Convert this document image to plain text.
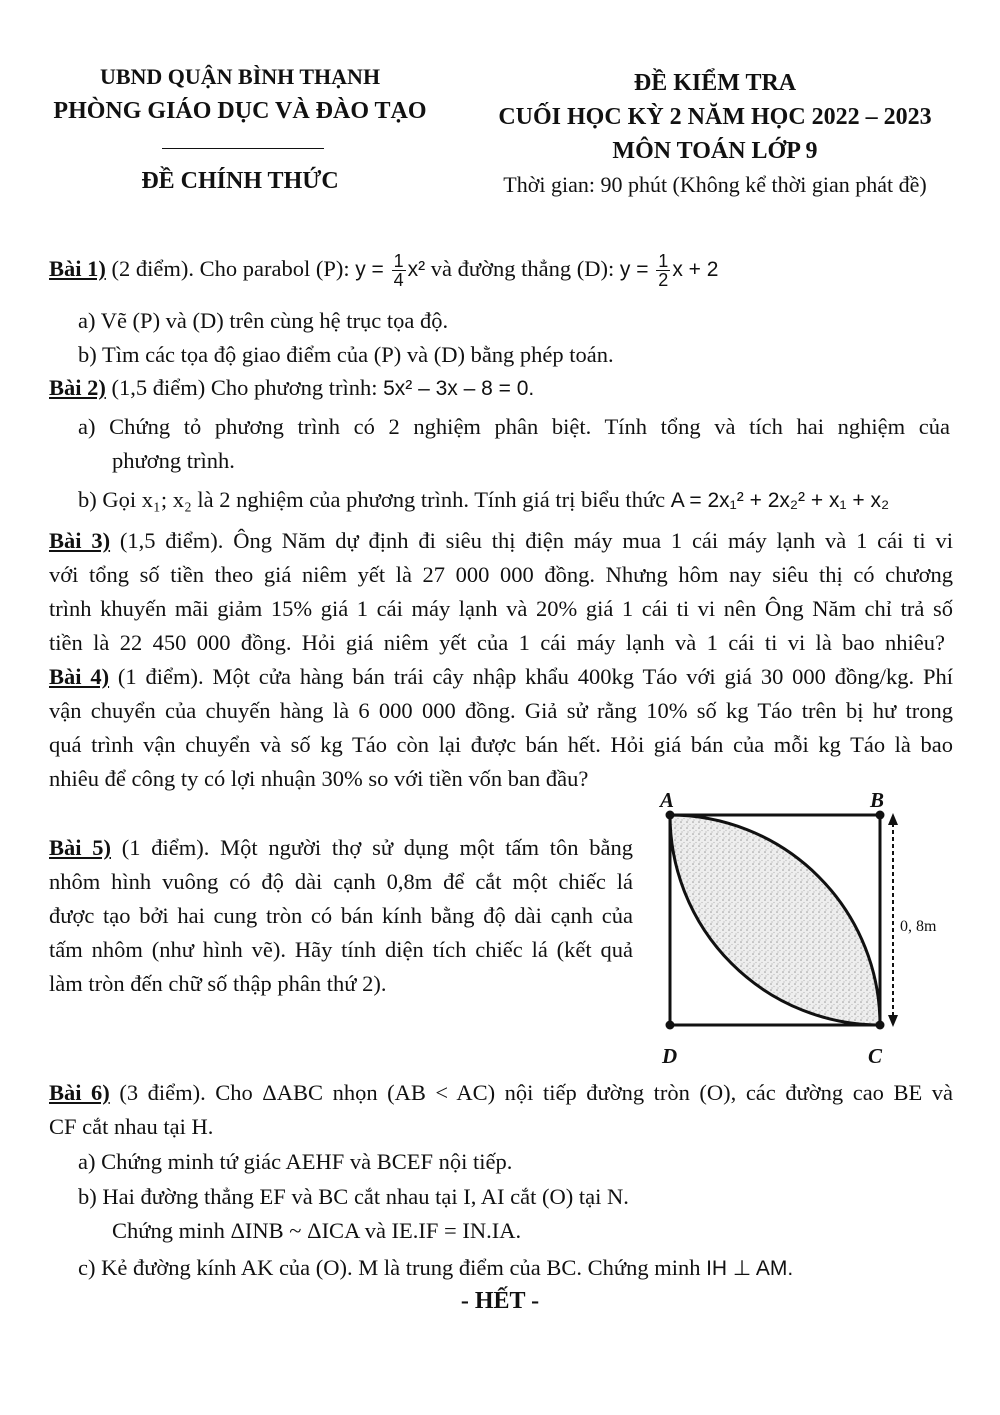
UBND QUẬN BÌNH THẠNH
PHÒNG GIÁO DỤC VÀ ĐÀO TẠO
ĐỀ CHÍNH THỨC
ĐỀ KIỂM TRA
CUỐI HỌC KỲ 2 NĂM HỌC 2022 – 2023
MÔN TOÁN LỚP 9
Thời gian: 90 phút (Không kể thời gian phát đề)
Bài 1) (2 điểm). Cho parabol (P): $y = \frac{1}{4} x^2$ và đường thẳng (D): $y = \frac{1}{2}$ x + 2
a) Vẽ (P) và (D) trên cùng hệ trục tọa độ.
b) Tìm các tọa độ giao điểm của (P) và (D) bằng phép toán.
Bài 2) (1,5 điểm) Cho phương trình: 5x² – 3x – 8 = 0.
a) Chứng tỏ phương trình có 2 nghiệm phân biệt. Tính tổng và tích hai nghiệm của
phương trình.
b) Gọi x₁; x₂ là 2 nghiệm của phương trình. Tính giá trị biểu thức A = 2x₁² + 2x₂² + x₁ + x₂
Bài 3) (1,5 điểm). Ông Năm dự định đi siêu thị điện máy mua 1 cái máy lạnh và 1 cái ti vi
với tổng số tiền theo giá niêm yết là 27 000 000 đồng. Nhưng hôm nay siêu thị có chương
trình khuyến mãi giảm 15% giá 1 cái máy lạnh và 20% giá 1 cái ti vi nên Ông Năm chỉ trả số
tiền là 22 450 000 đồng. Hỏi giá niêm yết của 1 cái máy lạnh và 1 cái ti vi là bao nhiêu?
Bài 4) (1 điểm). Một cửa hàng bán trái cây nhập khẩu 400kg Táo với giá 30 000 đồng/kg. Phí
vận chuyển của chuyến hàng là 6 000 000 đồng. Giả sử rằng 10% số kg Táo trên bị hư trong
quá trình vận chuyển và số kg Táo còn lại được bán hết. Hỏi giá bán của mỗi kg Táo là bao
nhiêu để công ty có lợi nhuận 30% so với tiền vốn ban đầu?
Bài 5) (1 điểm). Một người thợ sử dụng một tấm tôn bằng
nhôm hình vuông có độ dài cạnh 0,8m để cắt một chiếc lá
được tạo bởi hai cung tròn có bán kính bằng độ dài cạnh của
tấm nhôm (như hình vẽ). Hãy tính diện tích chiếc lá (kết quả
làm tròn đến chữ số thập phân thứ 2).
A	B
C
D
0, 8m
Bài 6) (3 điểm). Cho ΔABC nhọn (AB < AC) nội tiếp đường tròn (O), các đường cao BE và
CF cắt nhau tại H.
a) Chứng minh tứ giác AEHF và BCEF nội tiếp.
b) Hai đường thẳng EF và BC cắt nhau tại I, AI cắt (O) tại N.
Chứng minh ΔINB ~ ΔICA và IE.IF = IN.IA.
c) Kẻ đường kính AK của (O). M là trung điểm của BC. Chứng minh IH ⊥ AM.
- HẾT -
